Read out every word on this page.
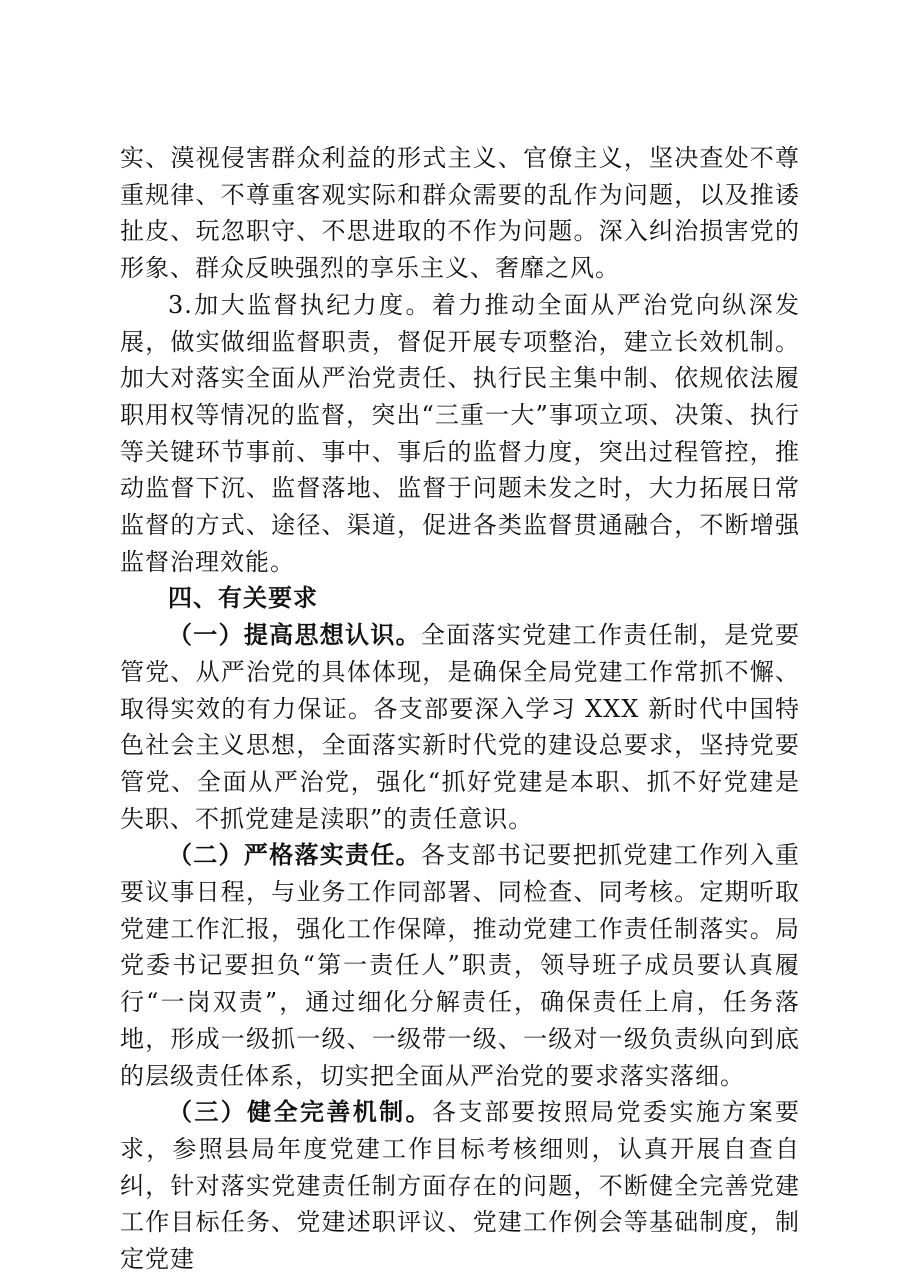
实、漠视侵害群众利益的形式主义、官僚主义，坚决查处不尊重规律、不尊重客观实际和群众需要的乱作为问题，以及推诿扯皮、玩忽职守、不思进取的不作为问题。深入纠治损害党的形象、群众反映强烈的享乐主义、奢靡之风。

3.加大监督执纪力度。着力推动全面从严治党向纵深发展，做实做细监督职责，督促开展专项整治，建立长效机制。加大对落实全面从严治党责任、执行民主集中制、依规依法履职用权等情况的监督，突出“三重一大”事项立项、决策、执行等关键环节事前、事中、事后的监督力度，突出过程管控，推动监督下沉、监督落地、监督于问题未发之时，大力拓展日常监督的方式、途径、渠道，促进各类监督贯通融合，不断增强监督治理效能。

四、有关要求

（一）提高思想认识。全面落实党建工作责任制，是党要管党、从严治党的具体体现，是确保全局党建工作常抓不懈、取得实效的有力保证。各支部要深入学习 XXX 新时代中国特色社会主义思想，全面落实新时代党的建设总要求，坚持党要管党、全面从严治党，强化“抓好党建是本职、抓不好党建是失职、不抓党建是渎职”的责任意识。

（二）严格落实责任。各支部书记要把抓党建工作列入重要议事日程，与业务工作同部署、同检查、同考核。定期听取党建工作汇报，强化工作保障，推动党建工作责任制落实。局党委书记要担负“第一责任人”职责，领导班子成员要认真履行“一岗双责”，通过细化分解责任，确保责任上肩，任务落地，形成一级抓一级、一级带一级、一级对一级负责纵向到底的层级责任体系，切实把全面从严治党的要求落实落细。

（三）健全完善机制。各支部要按照局党委实施方案要求，参照县局年度党建工作目标考核细则，认真开展自查自纠，针对落实党建责任制方面存在的问题，不断健全完善党建工作目标任务、党建述职评议、党建工作例会等基础制度，制定党建
